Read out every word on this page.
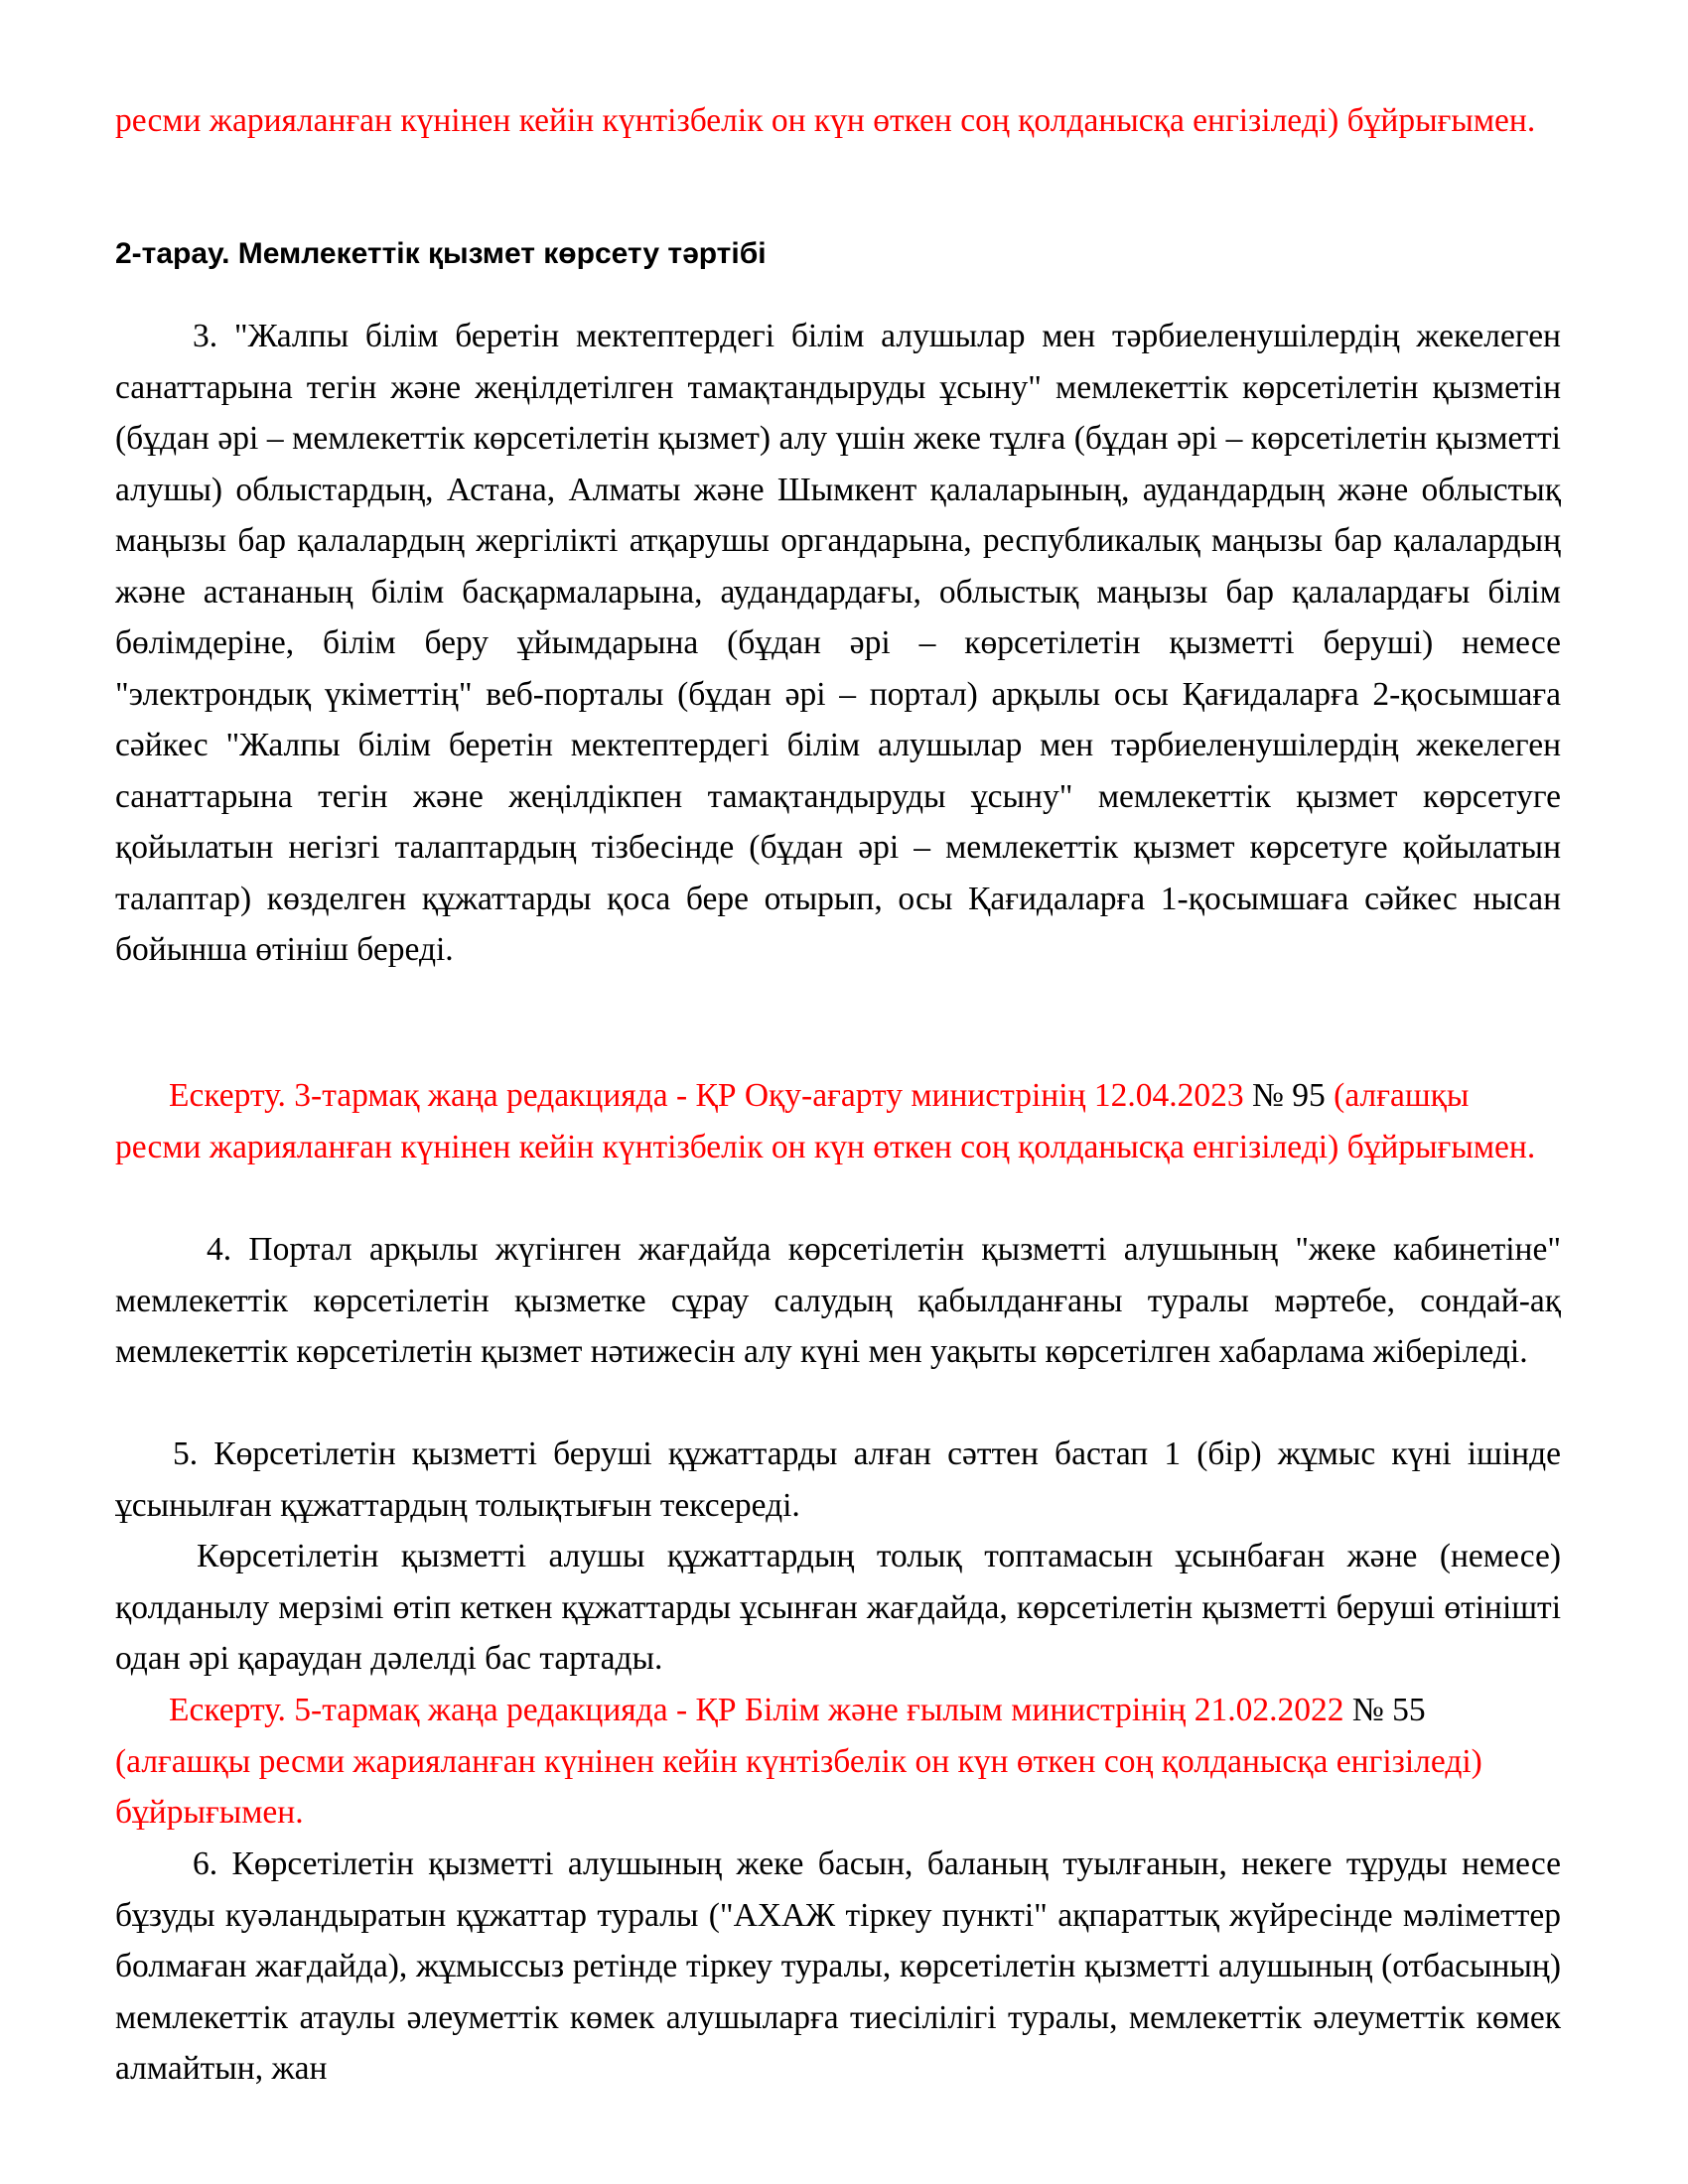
ресми жарияланған күнінен кейін күнтізбелік он күн өткен соң қолданысқа енгізіледі) бұйрығымен.

2-тарау. Мемлекеттік қызмет көрсету тәртібі

3. "Жалпы білім беретін мектептердегі білім алушылар мен тәрбиеленушілердің жекелеген санаттарына тегін және жеңілдетілген тамақтандыруды ұсыну" мемлекеттік көрсетілетін қызметін (бұдан әрі – мемлекеттік көрсетілетін қызмет) алу үшін жеке тұлға (бұдан әрі – көрсетілетін қызметті алушы) облыстардың, Астана, Алматы және Шымкент қалаларының, аудандардың және облыстық маңызы бар қалалардың жергілікті атқарушы органдарына, республикалық маңызы бар қалалардың және астананың білім басқармаларына, аудандардағы, облыстық маңызы бар қалалардағы білім бөлімдеріне, білім беру ұйымдарына (бұдан әрі – көрсетілетін қызметті беруші) немесе "электрондық үкіметтің" веб-порталы (бұдан әрі – портал) арқылы осы Қағидаларға 2-қосымшаға сәйкес "Жалпы білім беретін мектептердегі білім алушылар мен тәрбиеленушілердің жекелеген санаттарына тегін және жеңілдікпен тамақтандыруды ұсыну" мемлекеттік қызмет көрсетуге қойылатын негізгі талаптардың тізбесінде (бұдан әрі – мемлекеттік қызмет көрсетуге қойылатын талаптар) көзделген құжаттарды қоса бере отырып, осы Қағидаларға 1-қосымшаға сәйкес нысан бойынша өтініш береді.

Ескерту. 3-тармақ жаңа редакцияда - ҚР Оқу-ағарту министрінің 12.04.2023 № 95 (алғашқы ресми жарияланған күнінен кейін күнтізбелік он күн өткен соң қолданысқа енгізіледі) бұйрығымен.

4. Портал арқылы жүгінген жағдайда көрсетілетін қызметті алушының "жеке кабинетіне" мемлекеттік көрсетілетін қызметке сұрау салудың қабылданғаны туралы мәртебе, сондай-ақ мемлекеттік көрсетілетін қызмет нәтижесін алу күні мен уақыты көрсетілген хабарлама жіберіледі.

5. Көрсетілетін қызметті беруші құжаттарды алған сәттен бастап 1 (бір) жұмыс күні ішінде ұсынылған құжаттардың толықтығын тексереді.

Көрсетілетін қызметті алушы құжаттардың толық топтамасын ұсынбаған және (немесе) қолданылу мерзімі өтіп кеткен құжаттарды ұсынған жағдайда, көрсетілетін қызметті беруші өтінішті одан әрі қараудан дәлелді бас тартады.

Ескерту. 5-тармақ жаңа редакцияда - ҚР Білім және ғылым министрінің 21.02.2022 № 55 (алғашқы ресми жарияланған күнінен кейін күнтізбелік он күн өткен соң қолданысқа енгізіледі) бұйрығымен.

6. Көрсетілетін қызметті алушының жеке басын, баланың туылғанын, некеге тұруды немесе бұзуды куәландыратын құжаттар туралы ("АХАЖ тіркеу пункті" ақпараттық жүйресінде мәліметтер болмаған жағдайда), жұмыссыз ретінде тіркеу туралы, көрсетілетін қызметті алушының (отбасының) мемлекеттік атаулы әлеуметтік көмек алушыларға тиесілілігі туралы, мемлекеттік әлеуметтік көмек алмайтын, жан
